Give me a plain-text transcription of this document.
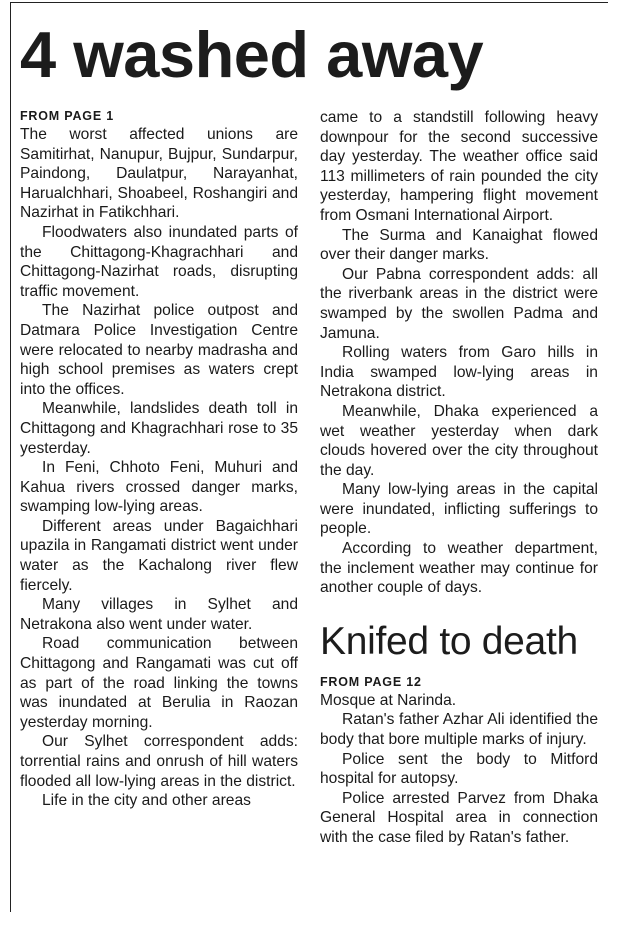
4 washed away
FROM PAGE 1

The worst affected unions are Samitirhat, Nanupur, Bujpur, Sundarpur, Paindong, Daulatpur, Narayanhat, Harualchhari, Shoabeel, Roshangiri and Nazirhat in Fatikchhari.

Floodwaters also inundated parts of the Chittagong-Khagrachhari and Chittagong-Nazirhat roads, disrupting traffic movement.

The Nazirhat police outpost and Datmara Police Investigation Centre were relocated to nearby madrasha and high school premises as waters crept into the offices.

Meanwhile, landslides death toll in Chittagong and Khagrachhari rose to 35 yesterday.

In Feni, Chhoto Feni, Muhuri and Kahua rivers crossed danger marks, swamping low-lying areas.

Different areas under Bagaichhari upazila in Rangamati district went under water as the Kachalong river flew fiercely.

Many villages in Sylhet and Netrakona also went under water.

Road communication between Chittagong and Rangamati was cut off as part of the road linking the towns was inundated at Berulia in Raozan yesterday morning.

Our Sylhet correspondent adds: torrential rains and onrush of hill waters flooded all low-lying areas in the district.

Life in the city and other areas

came to a standstill following heavy downpour for the second successive day yesterday. The weather office said 113 millimeters of rain pounded the city yesterday, hampering flight movement from Osmani International Airport.

The Surma and Kanaighat flowed over their danger marks.

Our Pabna correspondent adds: all the riverbank areas in the district were swamped by the swollen Padma and Jamuna.

Rolling waters from Garo hills in India swamped low-lying areas in Netrakona district.

Meanwhile, Dhaka experienced a wet weather yesterday when dark clouds hovered over the city throughout the day.

Many low-lying areas in the capital were inundated, inflicting sufferings to people.

According to weather department, the inclement weather may continue for another couple of days.

Knifed to death
FROM PAGE 12

Mosque at Narinda.

Ratan's father Azhar Ali identified the body that bore multiple marks of injury.

Police sent the body to Mitford hospital for autopsy.

Police arrested Parvez from Dhaka General Hospital area in connection with the case filed by Ratan's father.
